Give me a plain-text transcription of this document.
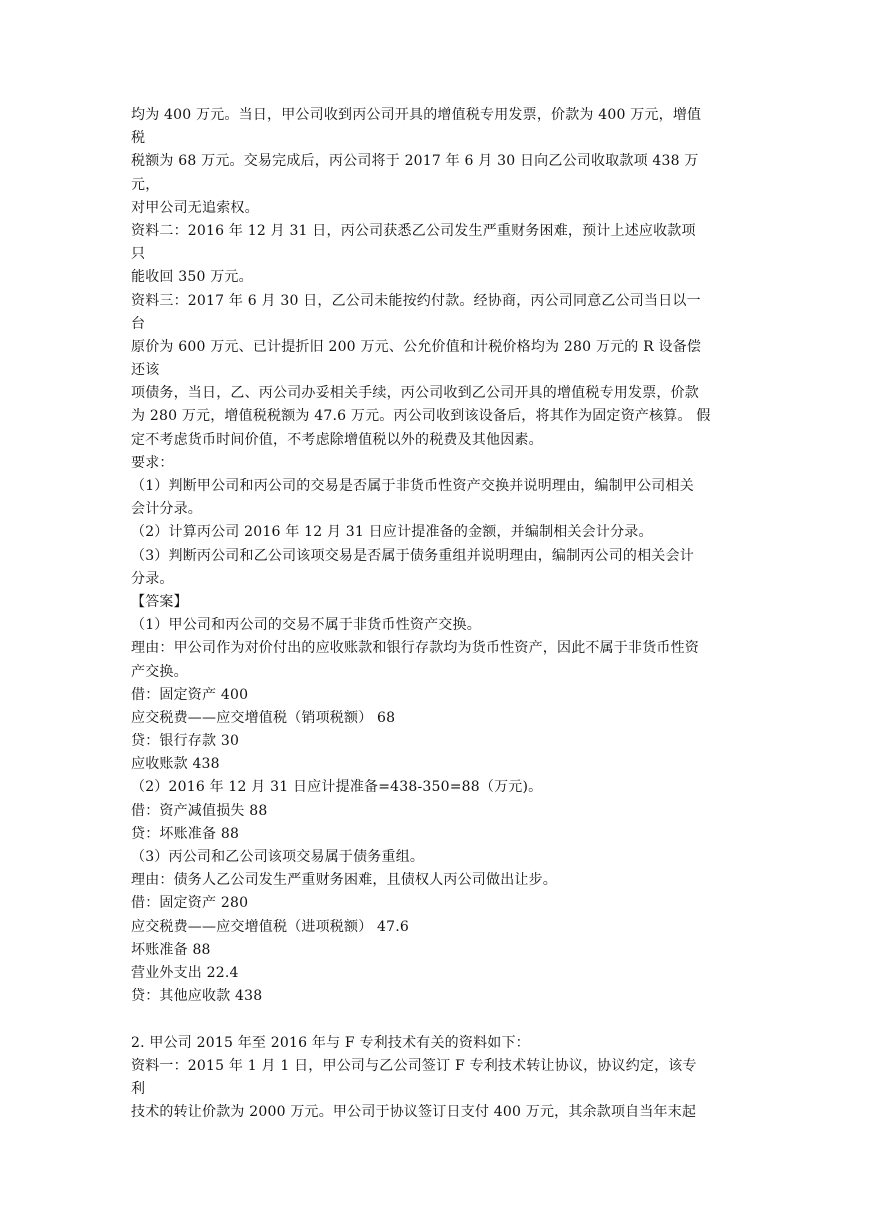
均为 400 万元。当日，甲公司收到丙公司开具的增值税专用发票，价款为 400 万元，增值
税
税额为 68 万元。交易完成后，丙公司将于 2017 年 6 月 30 日向乙公司收取款项 438 万
元，
对甲公司无追索权。
资料二：2016 年 12 月 31 日，丙公司获悉乙公司发生严重财务困难，预计上述应收款项
只
能收回 350 万元。
资料三：2017 年 6 月 30 日，乙公司未能按约付款。经协商，丙公司同意乙公司当日以一
台
原价为 600 万元、已计提折旧 200 万元、公允价值和计税价格均为 280 万元的 R 设备偿
还该
项债务，当日，乙、丙公司办妥相关手续，丙公司收到乙公司开具的增值税专用发票，价款
为 280 万元，增值税税额为 47.6 万元。丙公司收到该设备后，将其作为固定资产核算。 假
定不考虑货币时间价值，不考虑除增值税以外的税费及其他因素。
要求：
（1）判断甲公司和丙公司的交易是否属于非货币性资产交换并说明理由，编制甲公司相关
会计分录。
（2）计算丙公司 2016 年 12 月 31 日应计提准备的金额，并编制相关会计分录。
（3）判断丙公司和乙公司该项交易是否属于债务重组并说明理由，编制丙公司的相关会计
分录。
【答案】
（1）甲公司和丙公司的交易不属于非货币性资产交换。
理由：甲公司作为对价付出的应收账款和银行存款均为货币性资产，因此不属于非货币性资
产交换。
借：固定资产 400
应交税费——应交增值税（销项税额） 68
贷：银行存款 30
应收账款 438
（2）2016 年 12 月 31 日应计提准备=438-350=88（万元)。
借：资产减值损失 88
贷：坏账准备 88
（3）丙公司和乙公司该项交易属于债务重组。
理由：债务人乙公司发生严重财务困难，且债权人丙公司做出让步。
借：固定资产 280
应交税费——应交增值税（进项税额） 47.6
坏账准备 88
营业外支出 22.4
贷：其他应收款 438
2. 甲公司 2015 年至 2016 年与 F 专利技术有关的资料如下：
资料一：2015 年 1 月 1 日，甲公司与乙公司签订 F 专利技术转让协议，协议约定，该专
利
技术的转让价款为 2000 万元。甲公司于协议签订日支付 400 万元，其余款项自当年末起
